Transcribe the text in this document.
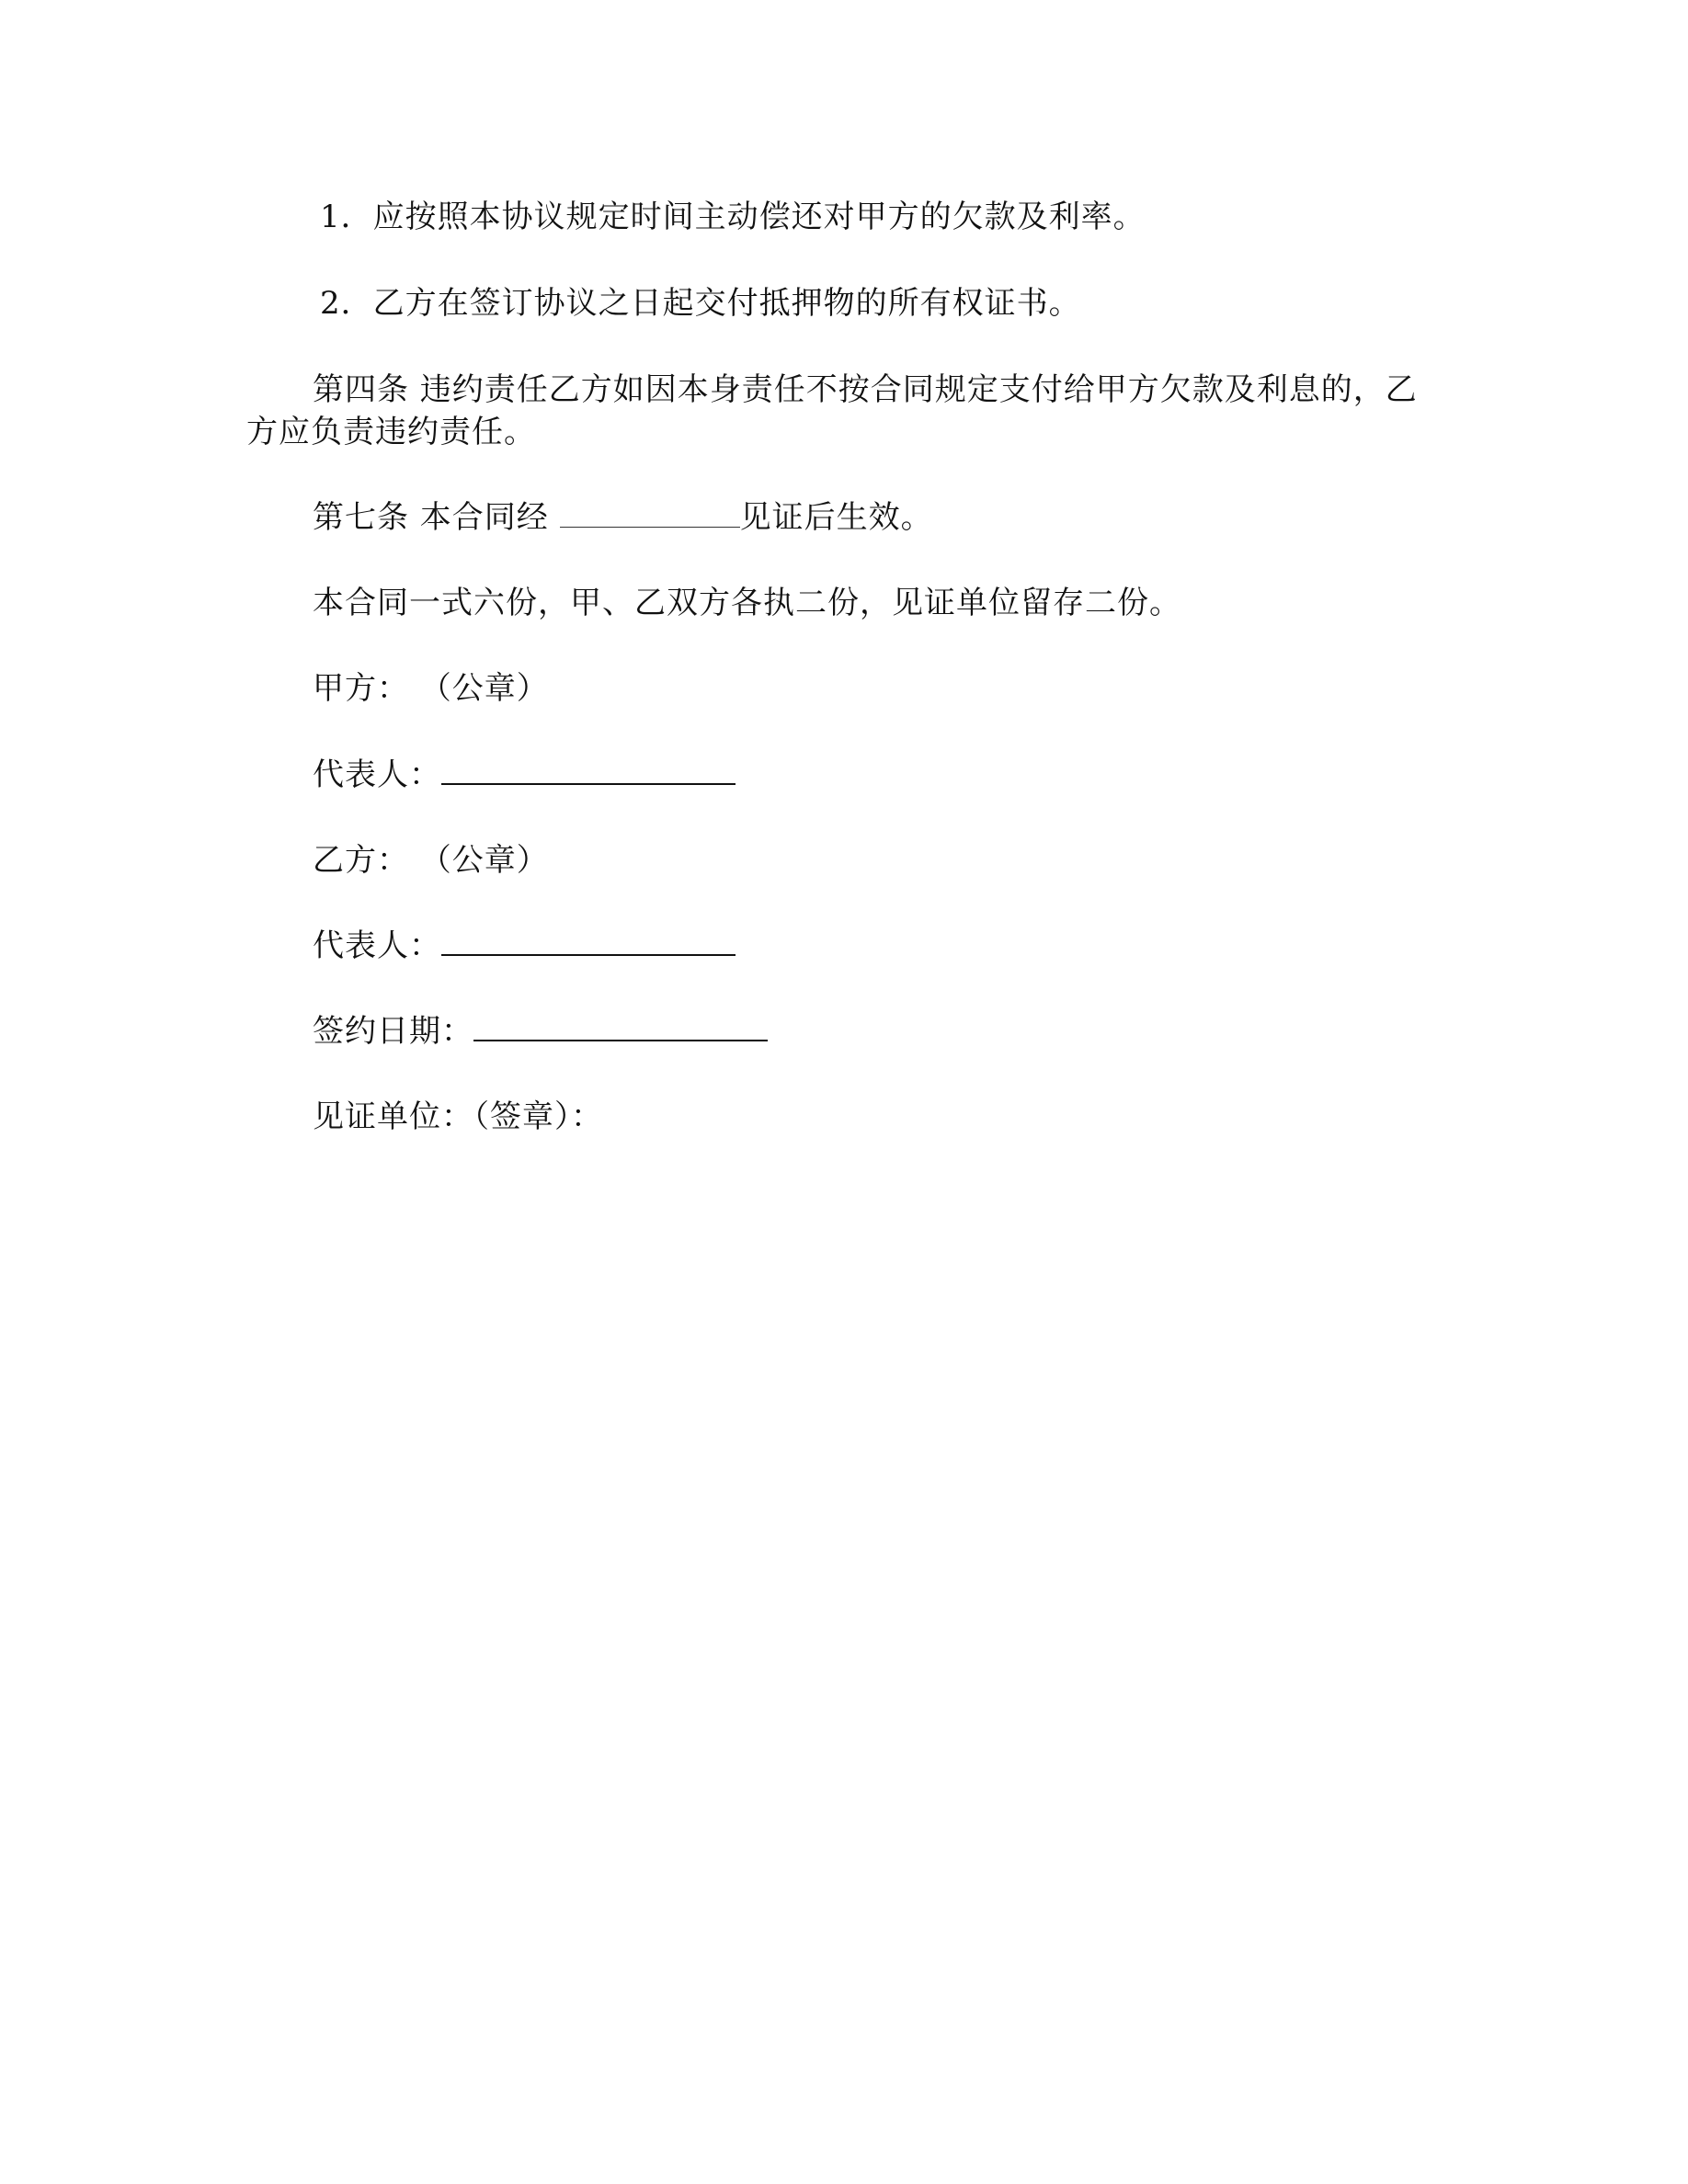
1．应按照本协议规定时间主动偿还对甲方的欠款及利率。
2．乙方在签订协议之日起交付抵押物的所有权证书。
第四条 违约责任乙方如因本身责任不按合同规定支付给甲方欠款及利息的，乙
方应负责违约责任。
第七条 本合同经	见证后生效。
本合同一式六份，甲、乙双方各执二份，见证单位留存二份。
甲方： （公章）
代表人：
乙方： （公章）
代表人：
签约日期：
见证单位：（签章）：
